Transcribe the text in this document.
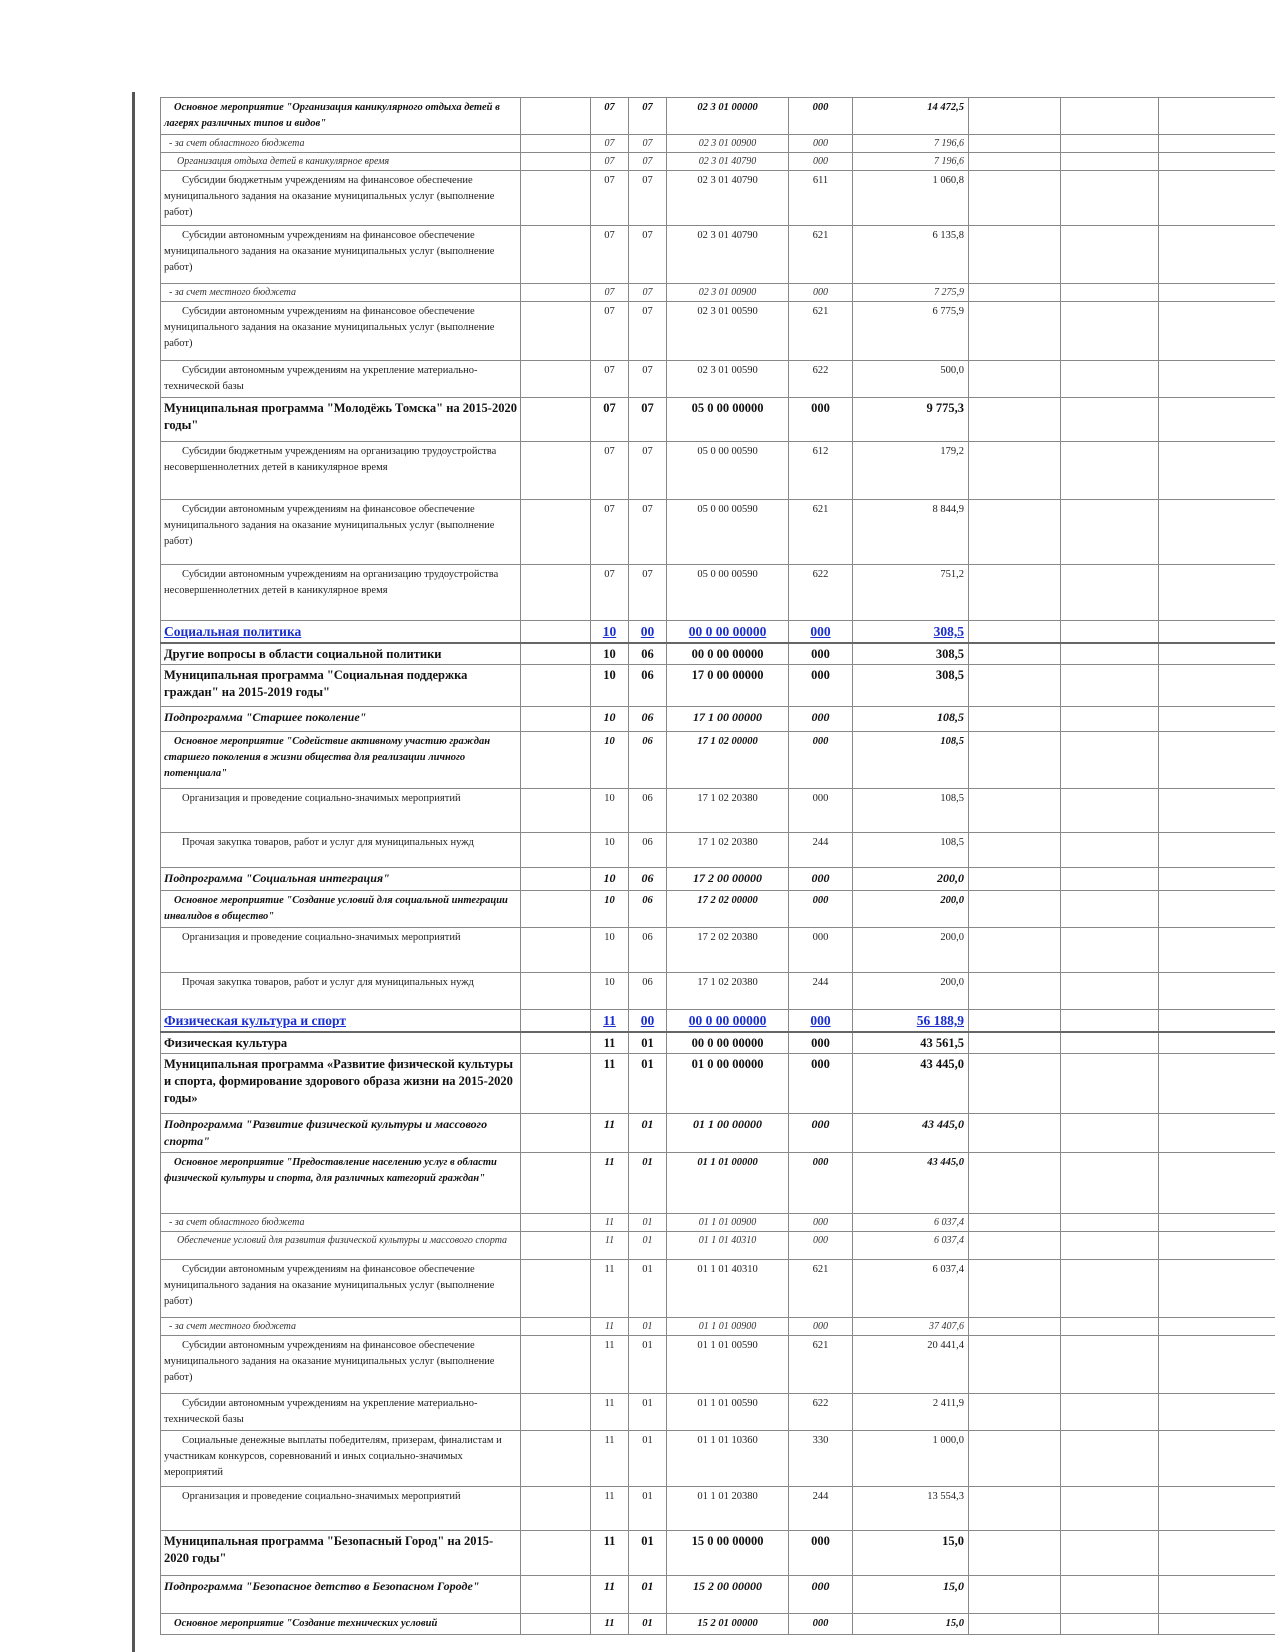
Основное мероприятие "Организация каникулярного отдыха детей в лагерях различных типов и видов"		07	07	02 3 01 00000	000	14 472,5			
- за счет областного бюджета		07	07	02 3 01 00900	000	7 196,6			
Организация отдыха детей в каникулярное время		07	07	02 3 01 40790	000	7 196,6			
Субсидии бюджетным учреждениям на финансовое обеспечение муниципального задания на оказание муниципальных услуг (выполнение работ)		07	07	02 3 01 40790	611	1 060,8			
Субсидии автономным учреждениям на финансовое обеспечение муниципального задания на оказание муниципальных услуг (выполнение работ)		07	07	02 3 01 40790	621	6 135,8			
- за счет местного бюджета		07	07	02 3 01 00900	000	7 275,9			
Субсидии автономным учреждениям на финансовое обеспечение муниципального задания на оказание муниципальных услуг (выполнение работ)		07	07	02 3 01 00590	621	6 775,9			
Субсидии автономным учреждениям на укрепление материально-технической базы		07	07	02 3 01 00590	622	500,0			
Муниципальная программа "Молодёжь Томска" на 2015-2020 годы"		07	07	05 0 00 00000	000	9 775,3			
Субсидии бюджетным учреждениям на организацию трудоустройства несовершеннолетних детей в каникулярное время		07	07	05 0 00 00590	612	179,2			
Субсидии автономным учреждениям на финансовое обеспечение муниципального задания на оказание муниципальных услуг (выполнение работ)		07	07	05 0 00 00590	621	8 844,9			
Субсидии автономным учреждениям на организацию трудоустройства несовершеннолетних детей в каникулярное время		07	07	05 0 00 00590	622	751,2			
Социальная политика		10	00	00 0 00 00000	000	308,5			
Другие вопросы в области социальной политики		10	06	00 0 00 00000	000	308,5			
Муниципальная программа "Социальная поддержка граждан" на 2015-2019 годы"		10	06	17 0 00 00000	000	308,5			
Подпрограмма "Старшее поколение"		10	06	17 1 00 00000	000	108,5			
Основное мероприятие "Содействие активному участию граждан старшего поколения в жизни общества для реализации личного потенциала"		10	06	17 1 02 00000	000	108,5			
Организация и проведение социально-значимых мероприятий		10	06	17 1 02 20380	000	108,5			
Прочая закупка товаров, работ и услуг для муниципальных нужд		10	06	17 1 02 20380	244	108,5			
Подпрограмма "Социальная интеграция"		10	06	17 2 00 00000	000	200,0			
Основное мероприятие "Создание условий для социальной интеграции инвалидов в общество"		10	06	17 2 02 00000	000	200,0			
Организация и проведение социально-значимых мероприятий		10	06	17 2 02 20380	000	200,0			
Прочая закупка товаров, работ и услуг для муниципальных нужд		10	06	17 1 02 20380	244	200,0			
Физическая культура и спорт		11	00	00 0 00 00000	000	56 188,9			
Физическая культура		11	01	00 0 00 00000	000	43 561,5			
Муниципальная программа «Развитие физической культуры и спорта, формирование здорового образа жизни на 2015-2020 годы»		11	01	01 0 00 00000	000	43 445,0			
Подпрограмма "Развитие физической культуры и массового спорта"		11	01	01 1 00 00000	000	43 445,0			
Основное мероприятие "Предоставление населению услуг в области физической культуры и спорта, для различных категорий граждан"		11	01	01 1 01 00000	000	43 445,0			
- за счет областного бюджета		11	01	01 1 01 00900	000	6 037,4			
Обеспечение условий для развития физической культуры и массового спорта		11	01	01 1 01 40310	000	6 037,4			
Субсидии автономным учреждениям на финансовое обеспечение муниципального задания на оказание муниципальных услуг (выполнение работ)		11	01	01 1 01 40310	621	6 037,4			
- за счет местного бюджета		11	01	01 1 01 00900	000	37 407,6			
Субсидии автономным учреждениям на финансовое обеспечение муниципального задания на оказание муниципальных услуг (выполнение работ)		11	01	01 1 01 00590	621	20 441,4			
Субсидии автономным учреждениям на укрепление материально-технической базы		11	01	01 1 01 00590	622	2 411,9			
Социальные денежные выплаты победителям, призерам, финалистам и участникам конкурсов, соревнований и иных социально-значимых мероприятий		11	01	01 1 01 10360	330	1 000,0			
Организация и проведение социально-значимых мероприятий		11	01	01 1 01 20380	244	13 554,3			
Муниципальная программа "Безопасный Город" на 2015-2020 годы"		11	01	15 0 00 00000	000	15,0			
Подпрограмма "Безопасное детство в Безопасном Городе"		11	01	15 2 00 00000	000	15,0			
Основное мероприятие "Создание технических условий		11	01	15 2 01 00000	000	15,0			
